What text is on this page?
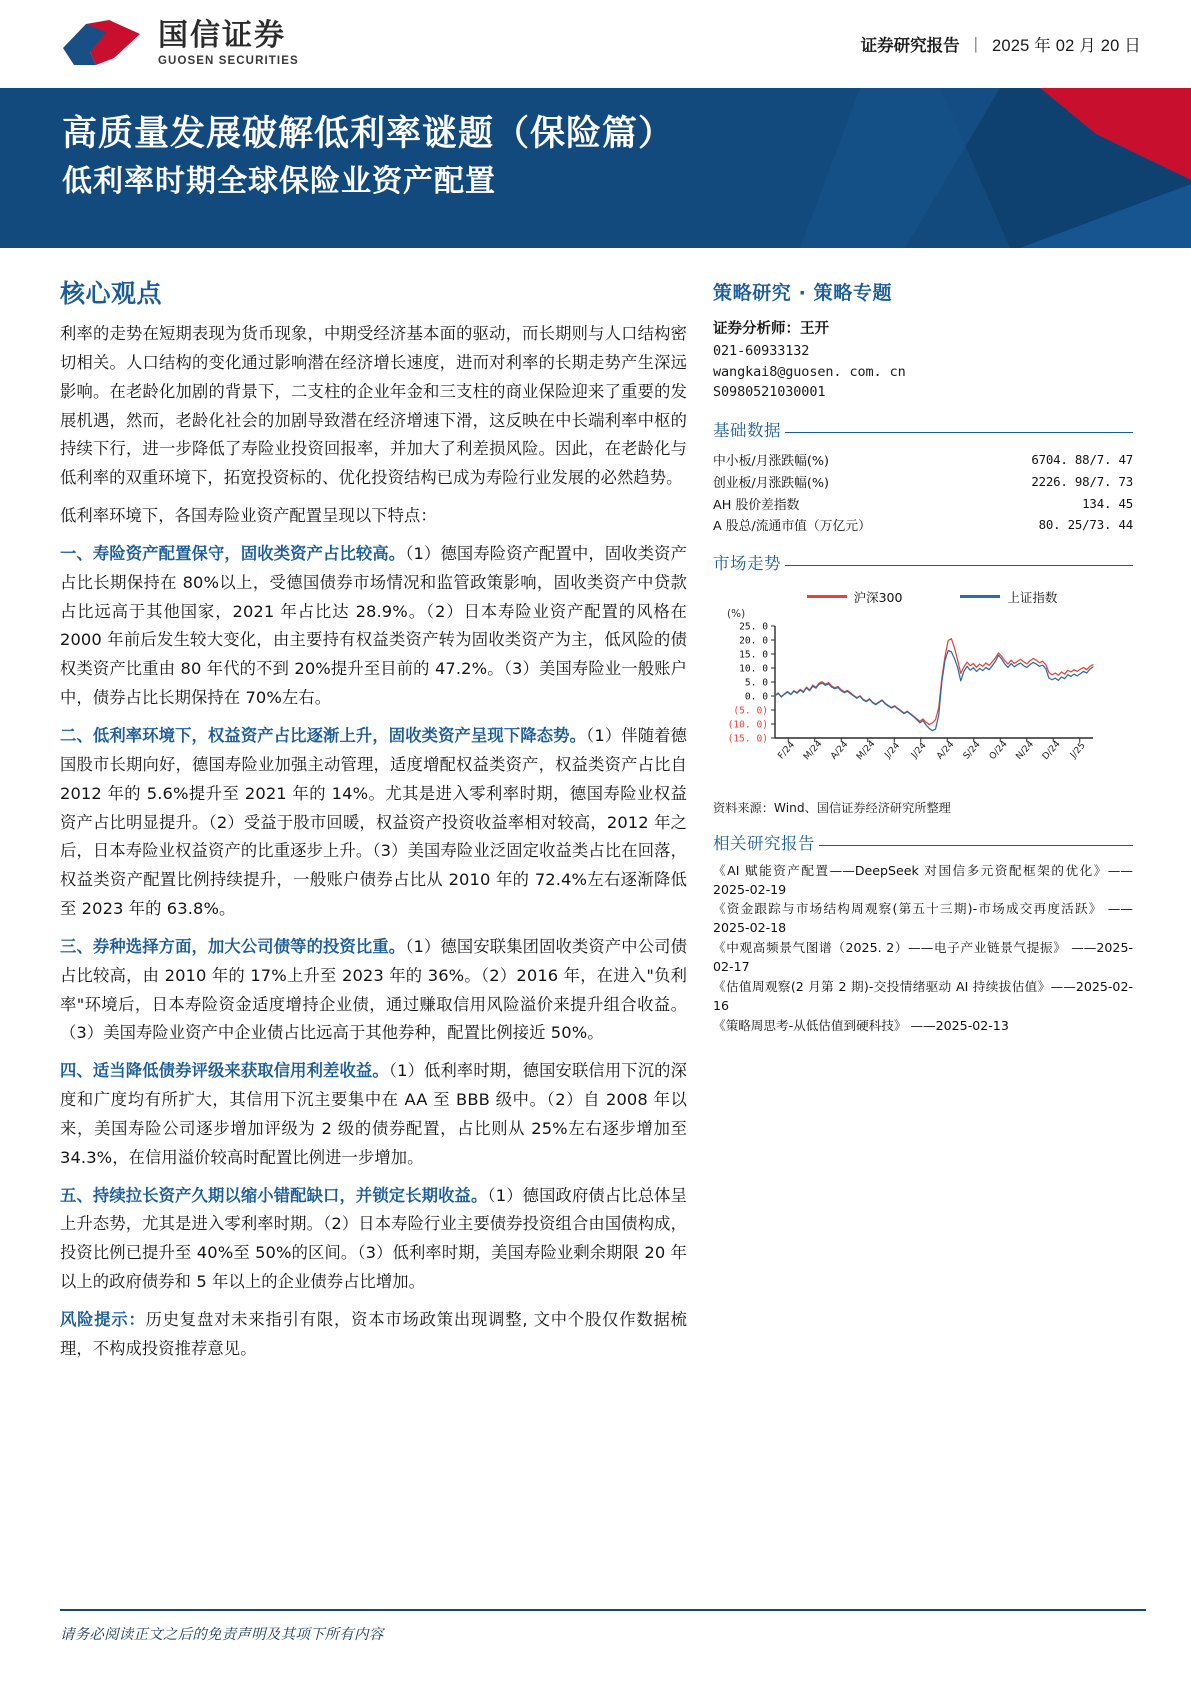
国信证券
GUOSEN SECURITIES
证券研究报告 | 2025 年 02 月 20 日
高质量发展破解低利率谜题（保险篇）
低利率时期全球保险业资产配置
核心观点

利率的走势在短期表现为货币现象，中期受经济基本面的驱动，而长期则与人口结构密切相关。人口结构的变化通过影响潜在经济增长速度，进而对利率的长期走势产生深远影响。在老龄化加剧的背景下，二支柱的企业年金和三支柱的商业保险迎来了重要的发展机遇，然而，老龄化社会的加剧导致潜在经济增速下滑，这反映在中长端利率中枢的持续下行，进一步降低了寿险业投资回报率，并加大了利差损风险。因此，在老龄化与低利率的双重环境下，拓宽投资标的、优化投资结构已成为寿险行业发展的必然趋势。

低利率环境下，各国寿险业资产配置呈现以下特点：

一、寿险资产配置保守，固收类资产占比较高。（1）德国寿险资产配置中，固收类资产占比长期保持在 80%以上，受德国债券市场情况和监管政策影响，固收类资产中贷款占比远高于其他国家，2021 年占比达 28.9%。（2）日本寿险业资产配置的风格在 2000 年前后发生较大变化，由主要持有权益类资产转为固收类资产为主，低风险的债权类资产比重由 80 年代的不到 20%提升至目前的 47.2%。（3）美国寿险业一般账户中，债券占比长期保持在 70%左右。

二、低利率环境下，权益资产占比逐渐上升，固收类资产呈现下降态势。（1）伴随着德国股市长期向好，德国寿险业加强主动管理，适度增配权益类资产，权益类资产占比自 2012 年的 5.6%提升至 2021 年的 14%。尤其是进入零利率时期，德国寿险业权益资产占比明显提升。（2）受益于股市回暖，权益资产投资收益率相对较高，2012 年之后，日本寿险业权益资产的比重逐步上升。（3）美国寿险业泛固定收益类占比在回落，权益类资产配置比例持续提升，一般账户债券占比从 2010 年的 72.4%左右逐渐降低至 2023 年的 63.8%。

三、券种选择方面，加大公司债等的投资比重。（1）德国安联集团固收类资产中公司债占比较高，由 2010 年的 17%上升至 2023 年的 36%。（2）2016 年，在进入"负利率"环境后，日本寿险资金适度增持企业债，通过赚取信用风险溢价来提升组合收益。（3）美国寿险业资产中企业债占比远高于其他券种，配置比例接近 50%。

四、适当降低债券评级来获取信用利差收益。（1）低利率时期，德国安联信用下沉的深度和广度均有所扩大，其信用下沉主要集中在 AA 至 BBB 级中。（2）自 2008 年以来，美国寿险公司逐步增加评级为 2 级的债券配置，占比则从 25%左右逐步增加至 34.3%，在信用溢价较高时配置比例进一步增加。

五、持续拉长资产久期以缩小错配缺口，并锁定长期收益。（1）德国政府债占比总体呈上升态势，尤其是进入零利率时期。（2）日本寿险行业主要债券投资组合由国债构成，投资比例已提升至 40%至 50%的区间。（3）低利率时期，美国寿险业剩余期限 20 年以上的政府债券和 5 年以上的企业债券占比增加。

风险提示：历史复盘对未来指引有限，资本市场政策出现调整, 文中个股仅作数据梳理，不构成投资推荐意见。

策略研究 · 策略专题
证券分析师：王开
021-60933132
wangkai8@guosen. com. cn
S0980521030001
基础数据
中小板/月涨跌幅(%)	6704. 88/7. 47
创业板/月涨跌幅(%)	2226. 98/7. 73
AH 股价差指数	134. 45
A 股总/流通市值（万亿元）	80. 25/73. 44
市场走势
沪深300	上证指数
(%)
25. 0
20. 0
15. 0
10. 0
5. 0
0. 0
(5. 0)
(10. 0)
(15. 0)
F/24 M/24 A/24 M/24 J/24 J/24 A/24 S/24 O/24 N/24 D/24 J/25
资料来源：Wind、国信证券经济研究所整理
相关研究报告
《AI 赋能资产配置——DeepSeek 对国信多元资配框架的优化》——2025-02-19
《资金跟踪与市场结构周观察(第五十三期)-市场成交再度活跃》 ——2025-02-18
《中观高频景气图谱（2025. 2）——电子产业链景气提振》 ——2025-02-17
《估值周观察(2 月第 2 期)-交投情绪驱动 AI 持续拔估值》——2025-02-16
《策略周思考-从低估值到硬科技》 ——2025-02-13
请务必阅读正文之后的免责声明及其项下所有内容
